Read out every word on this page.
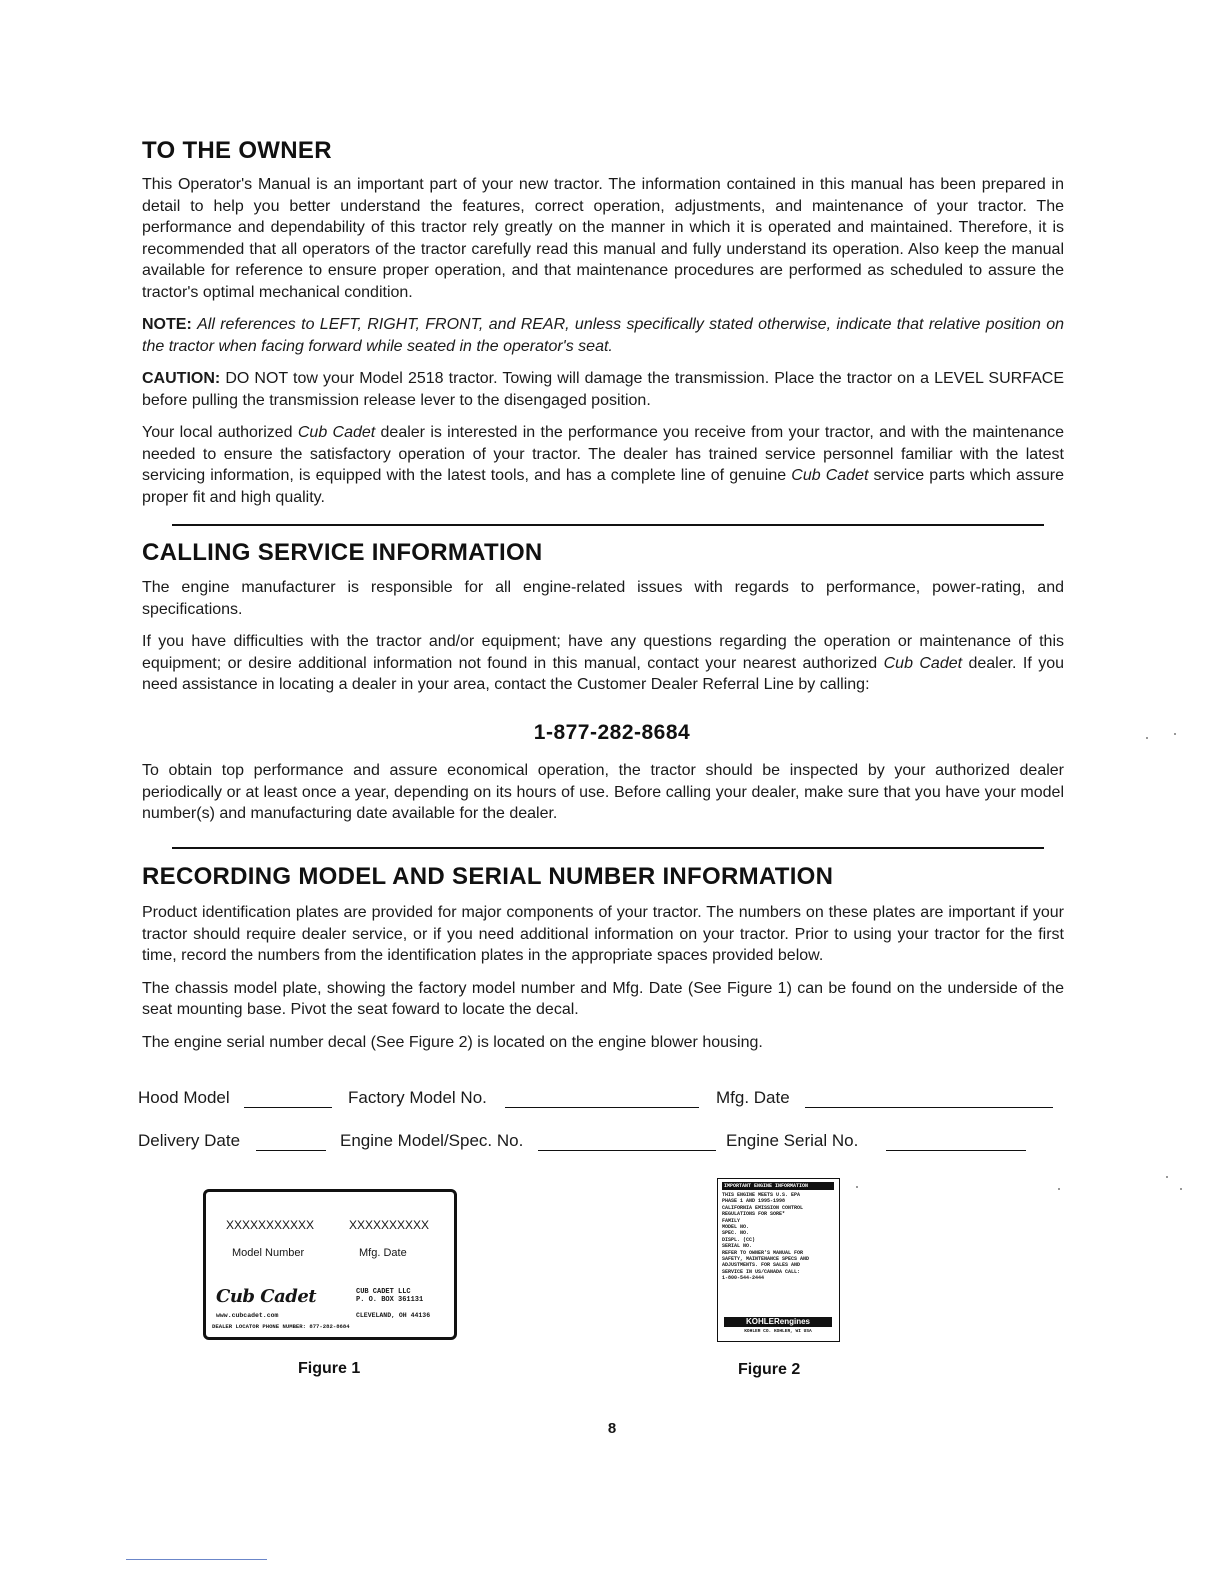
TO THE OWNER

This Operator's Manual is an important part of your new tractor. The information contained in this manual has been prepared in detail to help you better understand the features, correct operation, adjustments, and maintenance of your tractor. The performance and dependability of this tractor rely greatly on the manner in which it is operated and maintained. Therefore, it is recommended that all operators of the tractor carefully read this manual and fully understand its operation. Also keep the manual available for reference to ensure proper operation, and that maintenance procedures are performed as scheduled to assure the tractor's optimal mechanical condition.

NOTE: All references to LEFT, RIGHT, FRONT, and REAR, unless specifically stated otherwise, indicate that relative position on the tractor when facing forward while seated in the operator's seat.

CAUTION: DO NOT tow your Model 2518 tractor. Towing will damage the transmission. Place the tractor on a LEVEL SURFACE before pulling the transmission release lever to the disengaged position.

Your local authorized Cub Cadet dealer is interested in the performance you receive from your tractor, and with the maintenance needed to ensure the satisfactory operation of your tractor. The dealer has trained service personnel familiar with the latest servicing information, is equipped with the latest tools, and has a complete line of genuine Cub Cadet service parts which assure proper fit and high quality.

CALLING SERVICE INFORMATION

The engine manufacturer is responsible for all engine-related issues with regards to performance, power-rating, and specifications.

If you have difficulties with the tractor and/or equipment; have any questions regarding the operation or maintenance of this equipment; or desire additional information not found in this manual, contact your nearest authorized Cub Cadet dealer. If you need assistance in locating a dealer in your area, contact the Customer Dealer Referral Line by calling:

1-877-282-8684

To obtain top performance and assure economical operation, the tractor should be inspected by your authorized dealer periodically or at least once a year, depending on its hours of use. Before calling your dealer, make sure that you have your model number(s) and manufacturing date available for the dealer.

RECORDING MODEL AND SERIAL NUMBER INFORMATION

Product identification plates are provided for major components of your tractor. The numbers on these plates are important if your tractor should require dealer service, or if you need additional information on your tractor. Prior to using your tractor for the first time, record the numbers from the identification plates in the appropriate spaces provided below.

The chassis model plate, showing the factory model number and Mfg. Date (See Figure 1) can be found on the underside of the seat mounting base. Pivot the seat foward to locate the decal.

The engine serial number decal (See Figure 2) is located on the engine blower housing.

Hood Model	Factory Model No.	Mfg. Date
Delivery Date	Engine Model/Spec. No.	Engine Serial No.
XXXXXXXXXXX	XXXXXXXXXX
Model Number	Mfg. Date
Cub Cadet	CUB CADET LLC
P. O. BOX 361131
www.cubcadet.com	CLEVELAND, OH 44136
DEALER LOCATOR PHONE NUMBER: 877-282-8684
Figure 1
IMPORTANT ENGINE INFORMATION
THIS ENGINE MEETS U.S. EPA
PHASE 1 AND 1995-1998
CALIFORNIA EMISSION CONTROL
REGULATIONS FOR SORE*
FAMILY
MODEL NO.
SPEC. NO.
DISPL. (CC)
SERIAL NO.
REFER TO OWNER'S MANUAL FOR
SAFETY, MAINTENANCE SPECS AND
ADJUSTMENTS. FOR SALES AND
SERVICE IN US/CANADA CALL:
1-800-544-2444
KOHLERengines
KOHLER CO. KOHLER, WI USA
Figure 2
8
